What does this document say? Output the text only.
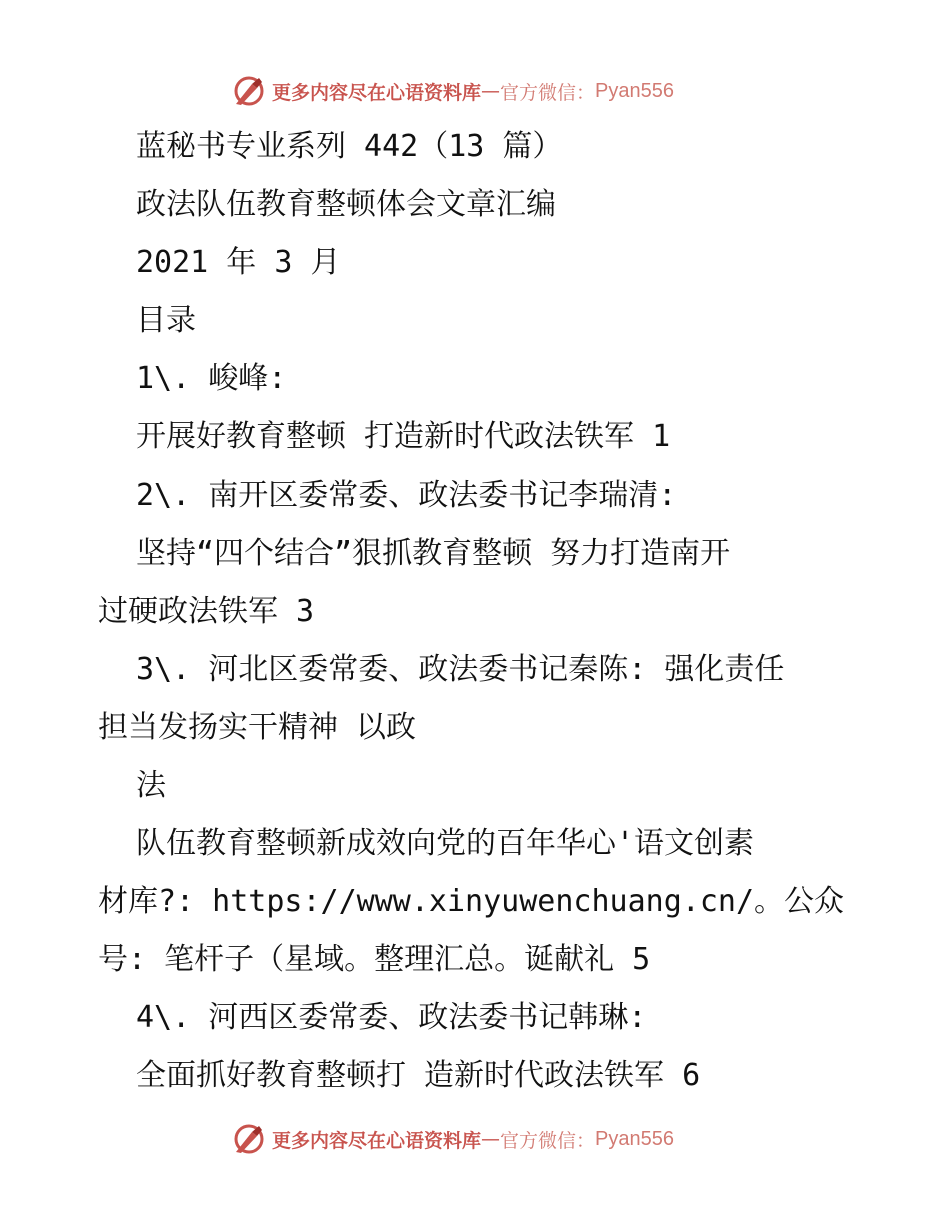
更多内容尽在心语资料库 — 官方微信： Pyan556
蓝秘书专业系列 442（13 篇）
政法队伍教育整顿体会文章汇编
2021 年 3 月
目录
1\. 峻峰:
开展好教育整顿 打造新时代政法铁军 1
2\. 南开区委常委、政法委书记李瑞清:
坚持“四个结合”狠抓教育整顿 努力打造南开
过硬政法铁军 3
3\. 河北区委常委、政法委书记秦陈: 强化责任
担当发扬实干精神 以政
法
队伍教育整顿新成效向党的百年华心'语文创素
材库?: https://www.xinyuwenchuang.cn/。公众
号: 笔杆子（星域。整理汇总。诞献礼 5
4\. 河西区委常委、政法委书记韩琳:
全面抓好教育整顿打 造新时代政法铁军 6
更多内容尽在心语资料库 — 官方微信： Pyan556
